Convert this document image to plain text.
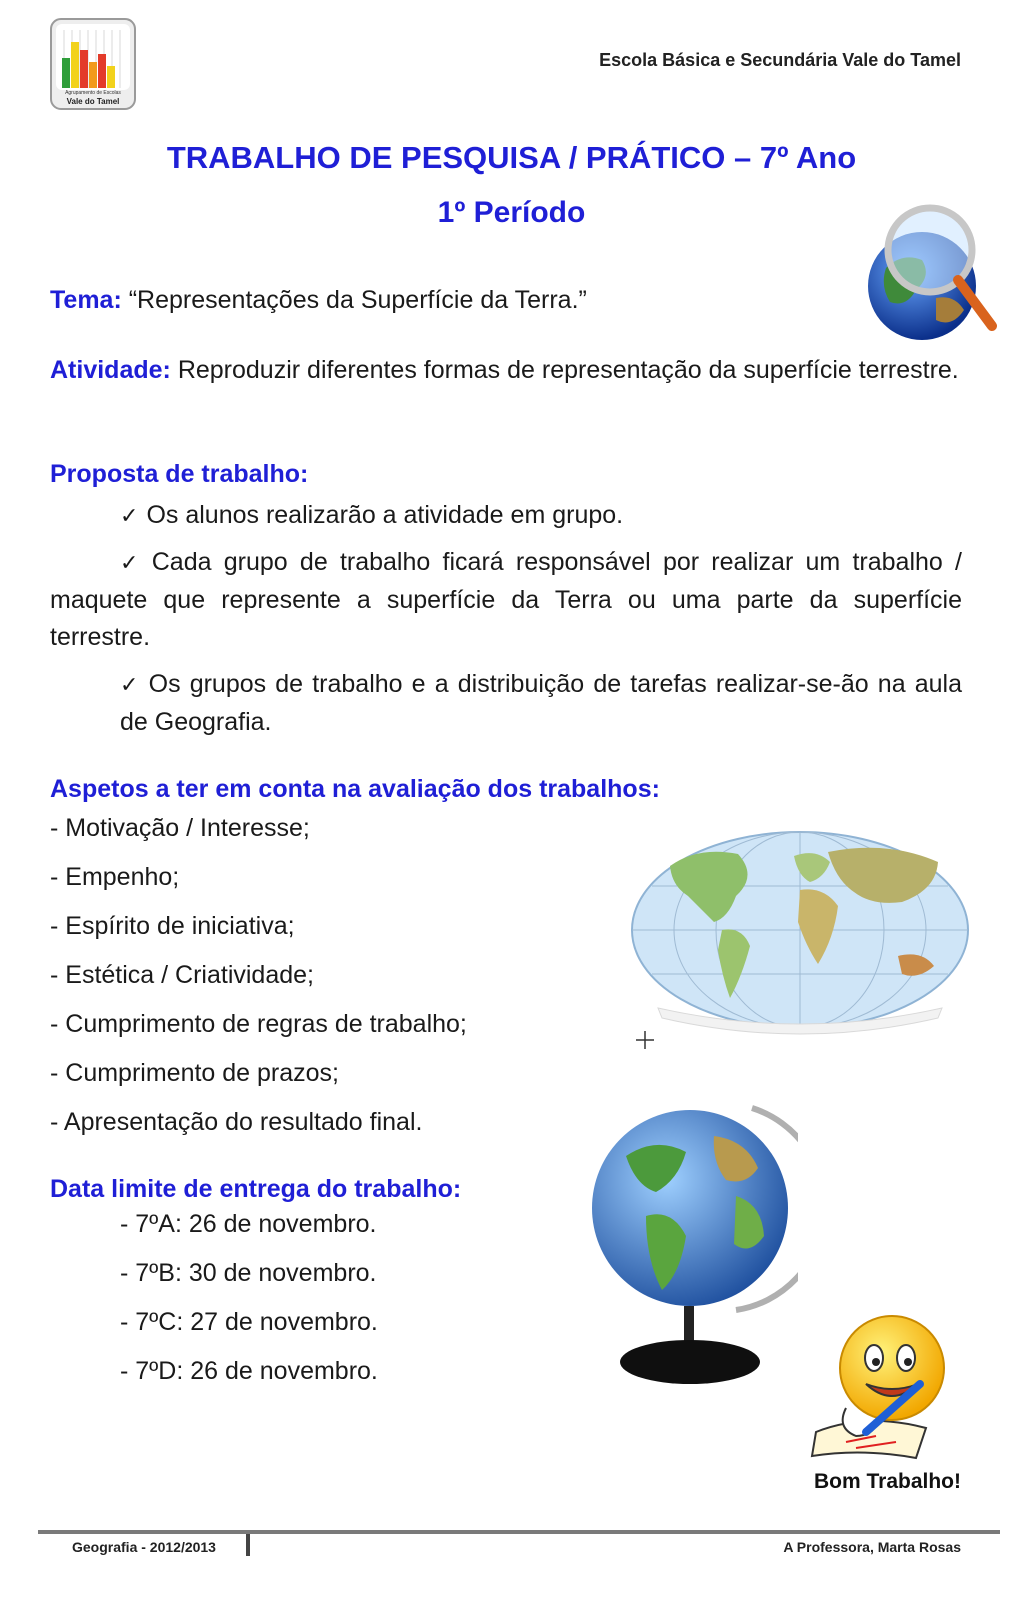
Agrupamento de Escolas
Vale do Tamel
Escola Básica e Secundária Vale do Tamel
TRABALHO DE PESQUISA / PRÁTICO – 7º Ano
1º Período
Tema: “Representações da Superfície da Terra.”
Atividade: Reproduzir diferentes formas de representação da superfície terrestre.
Proposta de trabalho:
✓ Os alunos realizarão a atividade em grupo.
✓ Cada grupo de trabalho ficará responsável por realizar um trabalho / maquete que represente a superfície da Terra ou uma parte da superfície terrestre.
✓ Os grupos de trabalho e a distribuição de tarefas realizar-se-ão na aula de Geografia.
Aspetos a ter em conta na avaliação dos trabalhos:
- Motivação / Interesse;
- Empenho;
- Espírito de iniciativa;
- Estética / Criatividade;
- Cumprimento de regras de trabalho;
- Cumprimento de prazos;
- Apresentação do resultado final.
Data limite de entrega do trabalho:
- 7ºA: 26 de novembro.
- 7ºB: 30 de novembro.
- 7ºC: 27 de novembro.
- 7ºD: 26 de novembro.
Bom Trabalho!
Geografia - 2012/2013	A Professora, Marta Rosas
